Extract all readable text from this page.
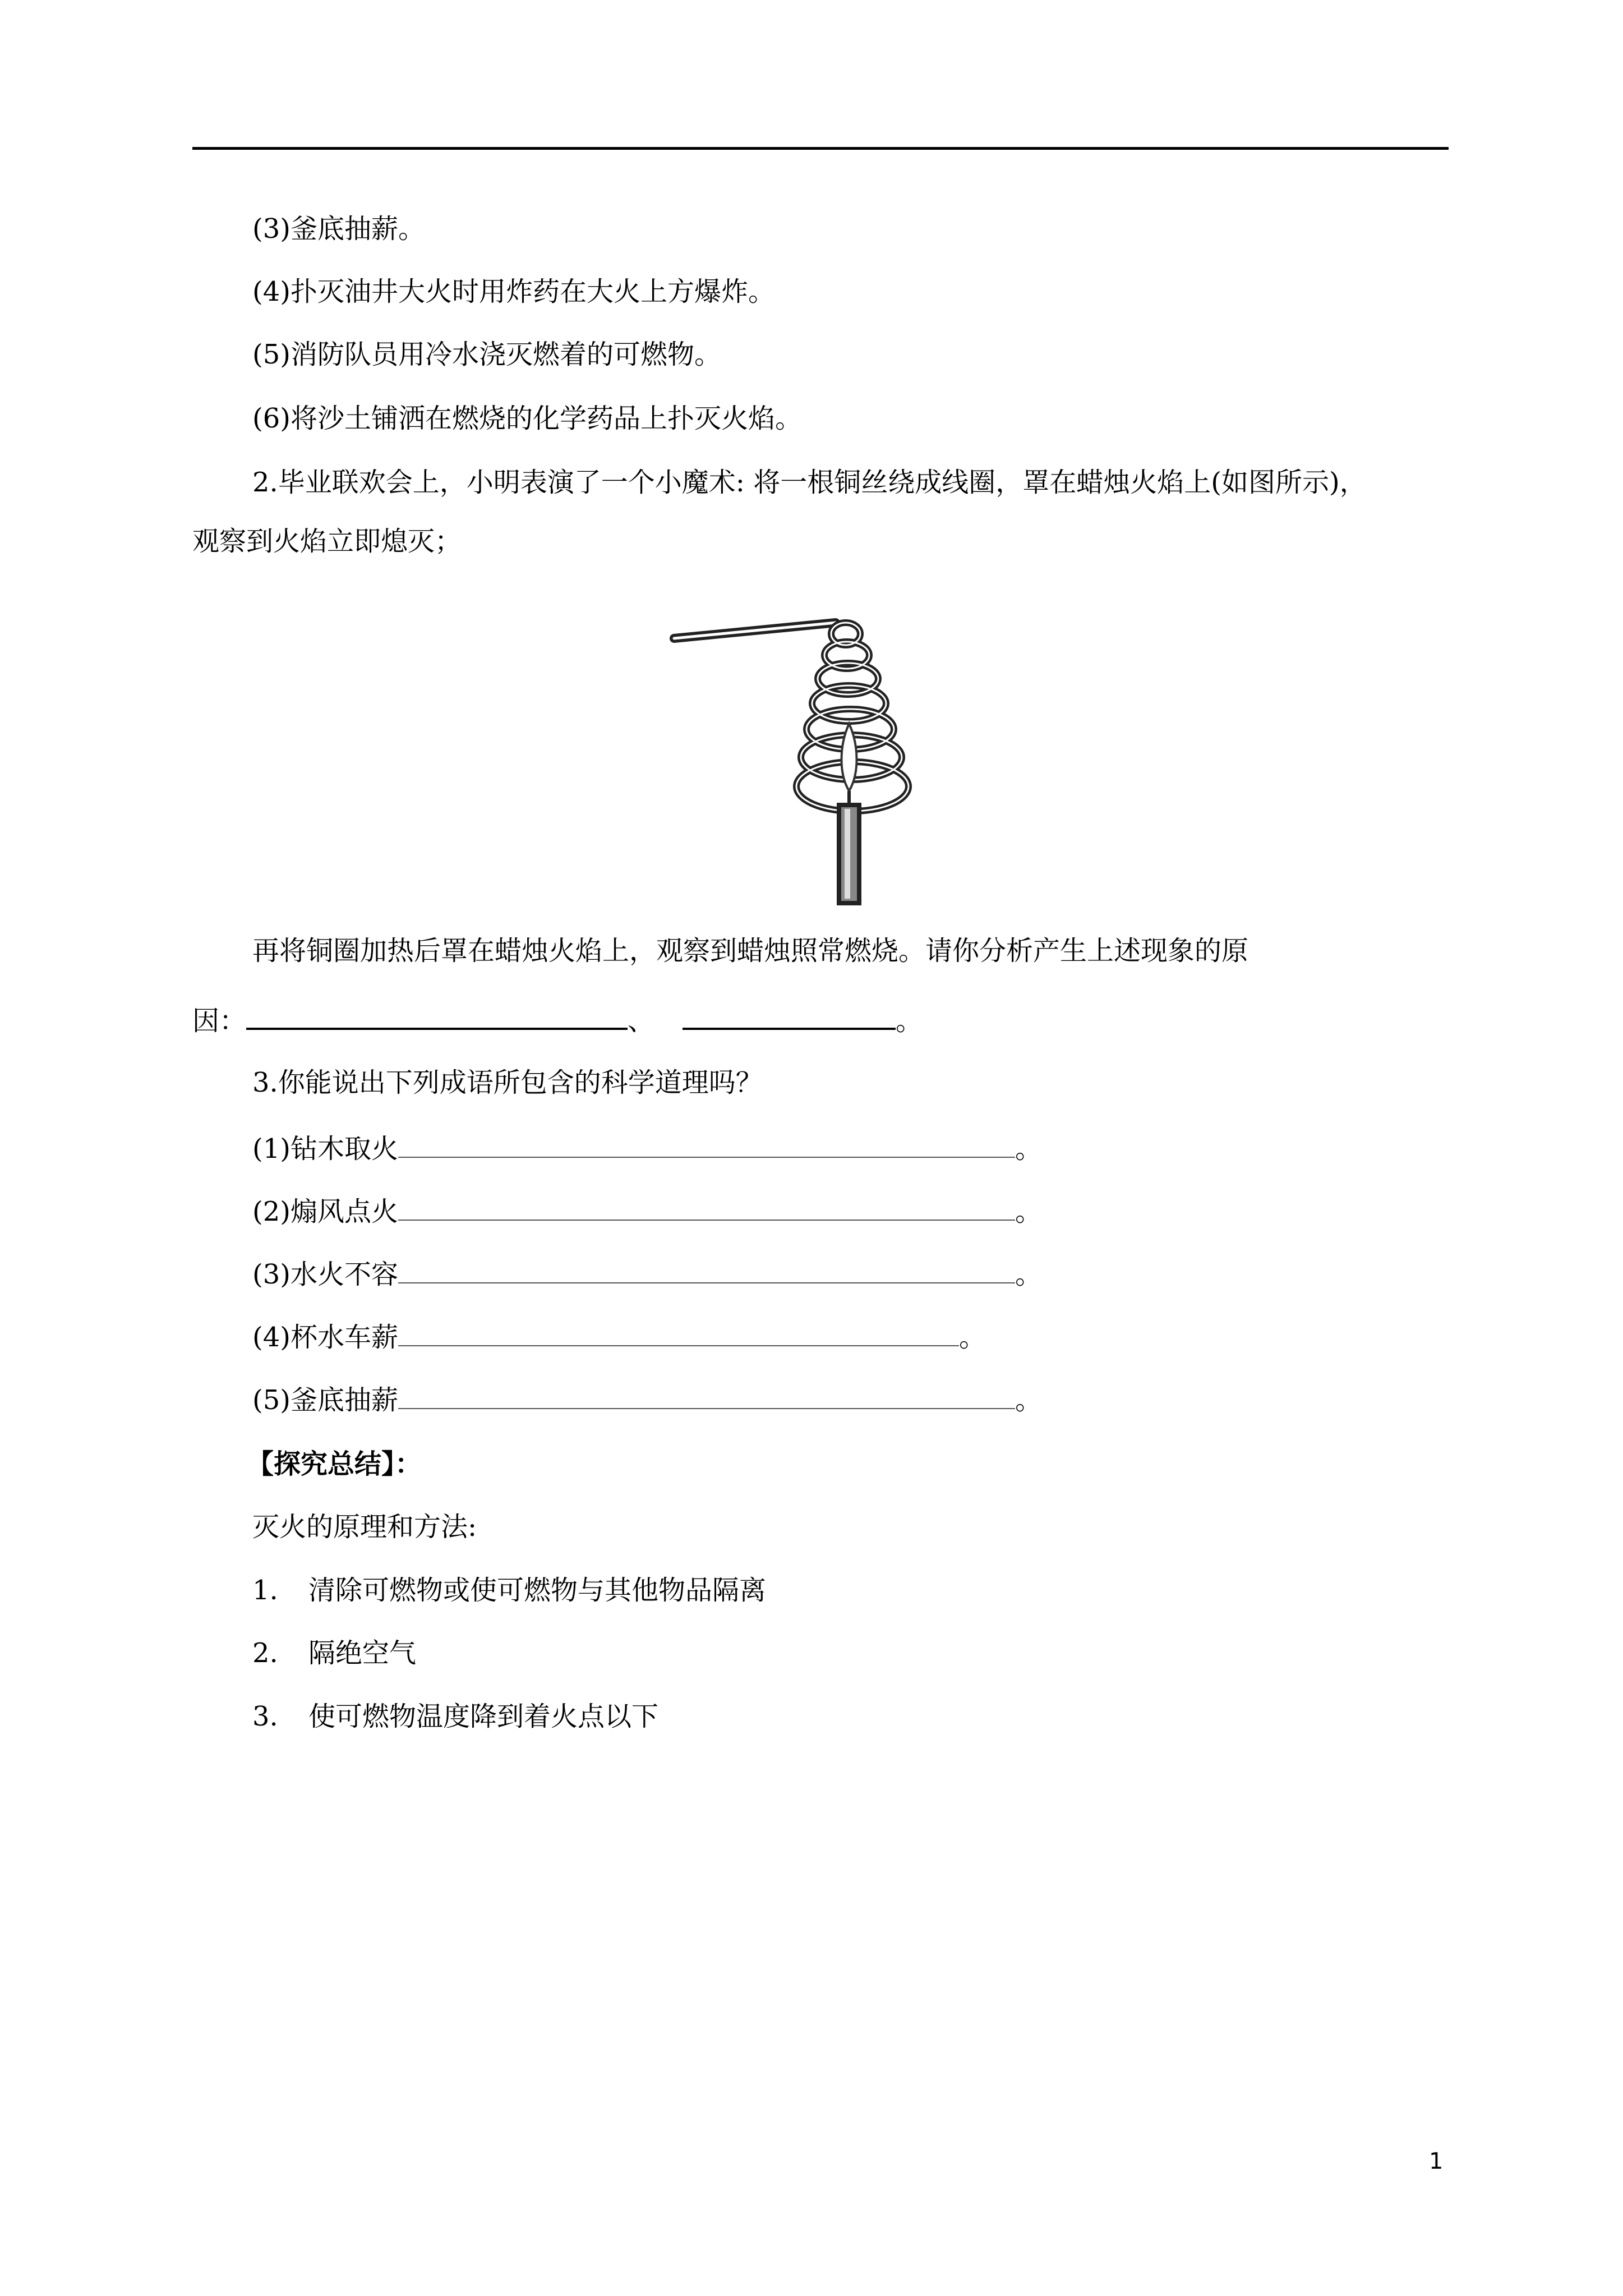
(3)釜底抽薪。
(4)扑灭油井大火时用炸药在大火上方爆炸。
(5)消防队员用冷水浇灭燃着的可燃物。
(6)将沙土铺洒在燃烧的化学药品上扑灭火焰。
2.毕业联欢会上，小明表演了一个小魔术: 将一根铜丝绕成线圈，罩在蜡烛火焰上(如图所示)，
观察到火焰立即熄灭；
再将铜圈加热后罩在蜡烛火焰上，观察到蜡烛照常燃烧。请你分析产生上述现象的原
因：	、	。
3.你能说出下列成语所包含的科学道理吗？
(1)钻木取火	。
(2)煽风点火	。
(3)水火不容	。
(4)杯水车薪	。
(5)釜底抽薪	。
【探究总结】：
灭火的原理和方法:
1. 清除可燃物或使可燃物与其他物品隔离
2. 隔绝空气
3. 使可燃物温度降到着火点以下
1
